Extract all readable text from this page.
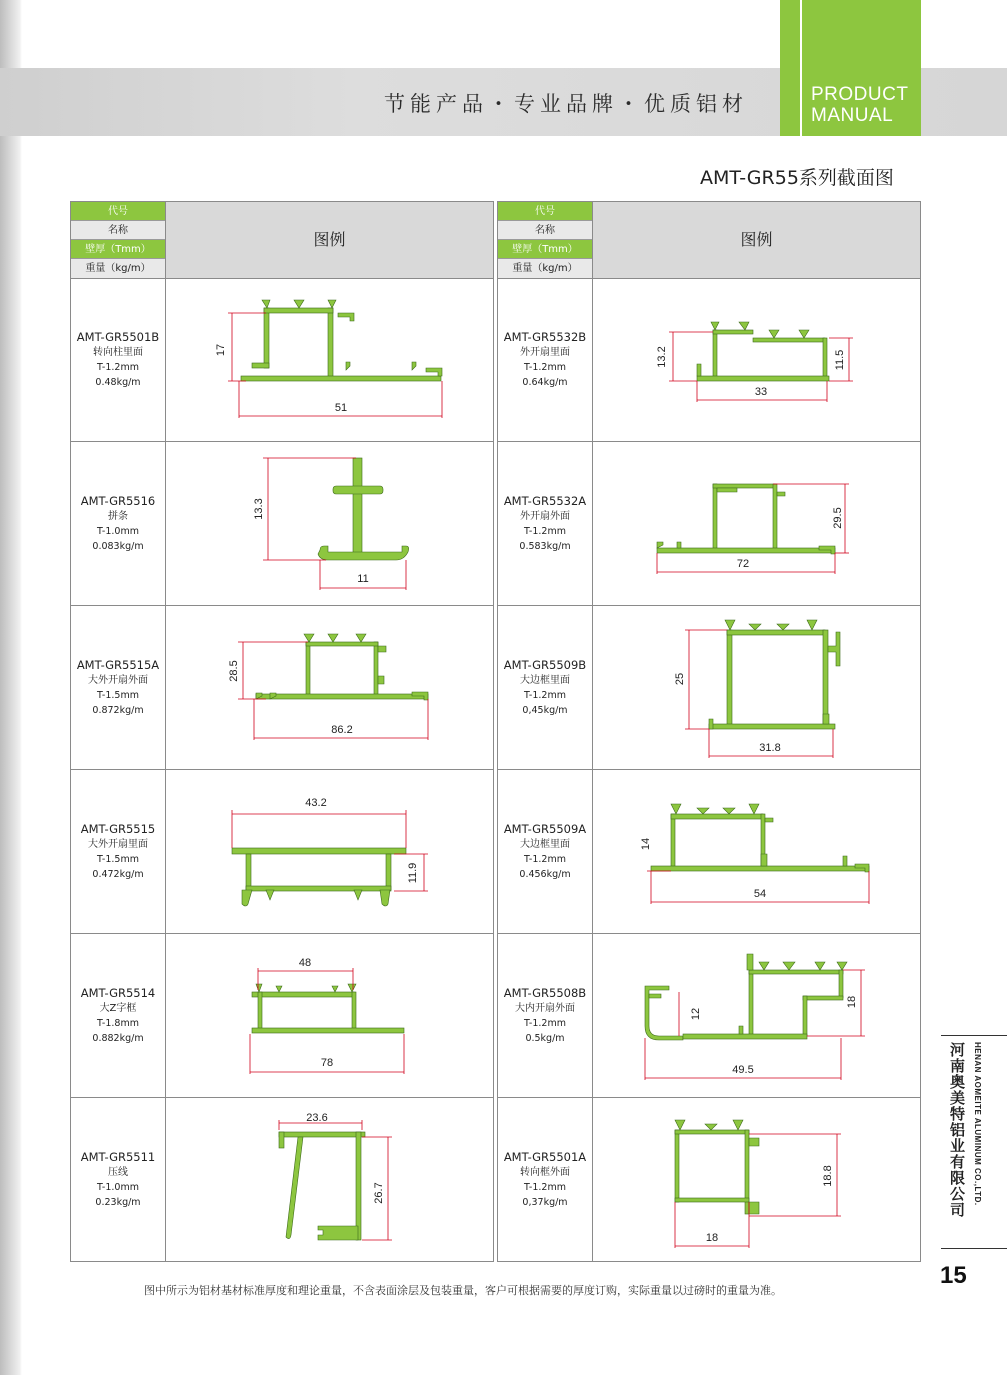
PRODUCT
MANUAL
节能产品・专业品牌・优质铝材
AMT-GR55系列截面图
代号
名称
壁厚（Tmm）
重量（kg/m）
图例
AMT-GR5501B
转向柱里面
T-1.2mm
0.48kg/m
17
51
AMT-GR5516
拼条
T-1.0mm
0.083kg/m
13.3
11
AMT-GR5515A
大外开扇外面
T-1.5mm
0.872kg/m
28.5
86.2
AMT-GR5515
大外开扇里面
T-1.5mm
0.472kg/m
43.2
11.9
AMT-GR5514
大Z字框
T-1.8mm
0.882kg/m
48
78
AMT-GR5511
压线
T-1.0mm
0.23kg/m
23.6
26.7
代号
名称
壁厚（Tmm）
重量（kg/m）
图例
AMT-GR5532B
外开扇里面
T-1.2mm
0.64kg/m
13.2	11.5
33
AMT-GR5532A
外开扇外面
T-1.2mm
0.583kg/m
29.5
72
AMT-GR5509B
大边框里面
T-1.2mm
0,45kg/m
25
31.8
AMT-GR5509A
大边框里面
T-1.2mm
0.456kg/m
14
54
AMT-GR5508B
大内开扇外面
T-1.2mm
0.5kg/m
12
18
49.5
AMT-GR5501A
转向框外面
T-1.2mm
0,37kg/m
18.8
18
河南奥美特铝业有限公司 HENAN AOMEITE ALUMINUM CO.,LTD.
15
图中所示为铝材基材标准厚度和理论重量，不含表面涂层及包装重量，客户可根据需要的厚度订购，实际重量以过磅时的重量为准。
